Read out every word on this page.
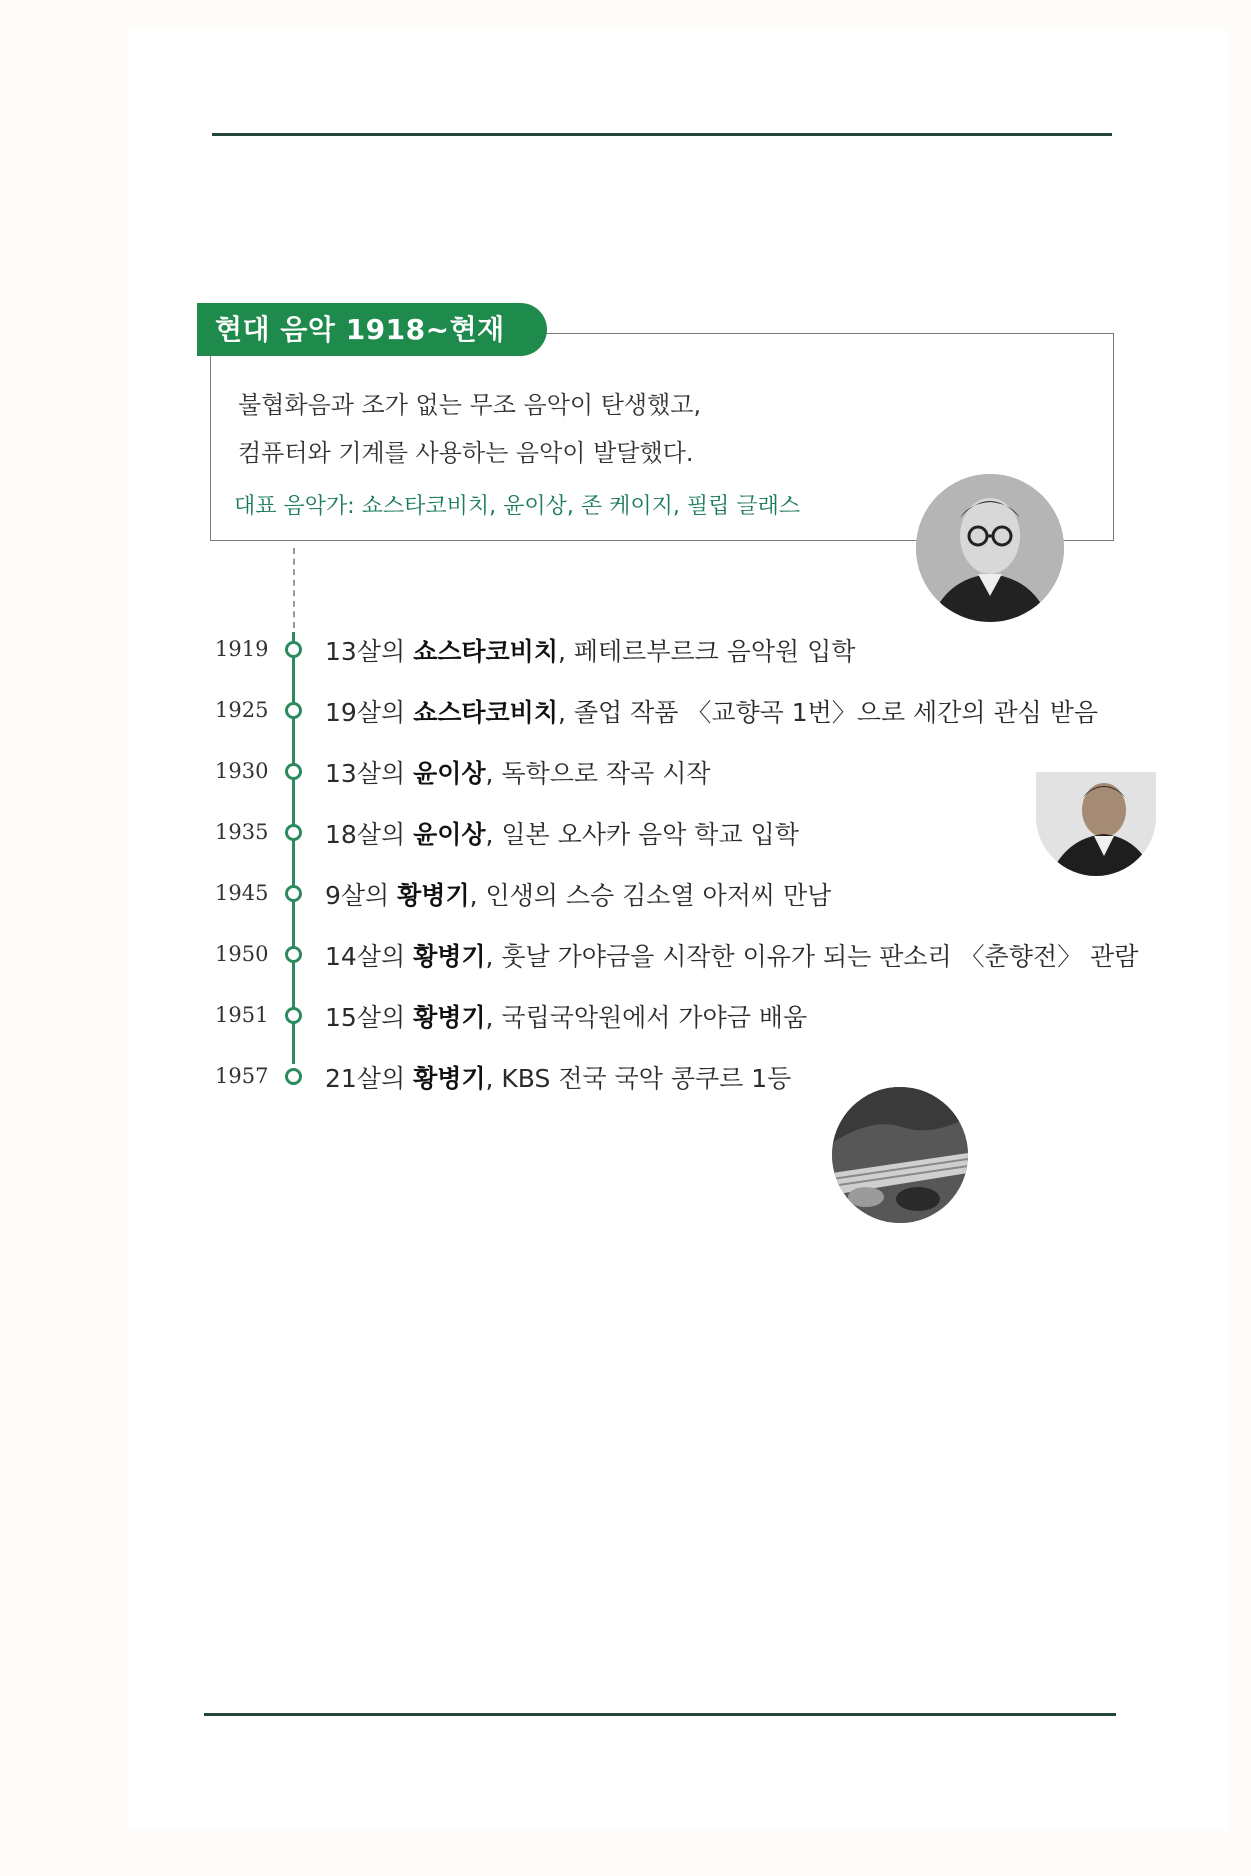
현대 음악 1918~현재
불협화음과 조가 없는 무조 음악이 탄생했고,
컴퓨터와 기계를 사용하는 음악이 발달했다.
대표 음악가: 쇼스타코비치, 윤이상, 존 케이지, 필립 글래스
1919 13살의 쇼스타코비치, 페테르부르크 음악원 입학
1925 19살의 쇼스타코비치, 졸업 작품 〈교향곡 1번〉으로 세간의 관심 받음
1930 13살의 윤이상, 독학으로 작곡 시작
1935 18살의 윤이상, 일본 오사카 음악 학교 입학
1945 9살의 황병기, 인생의 스승 김소열 아저씨 만남
1950 14살의 황병기, 훗날 가야금을 시작한 이유가 되는 판소리 〈춘향전〉 관람
1951 15살의 황병기, 국립국악원에서 가야금 배움
1957 21살의 황병기, KBS 전국 국악 콩쿠르 1등
